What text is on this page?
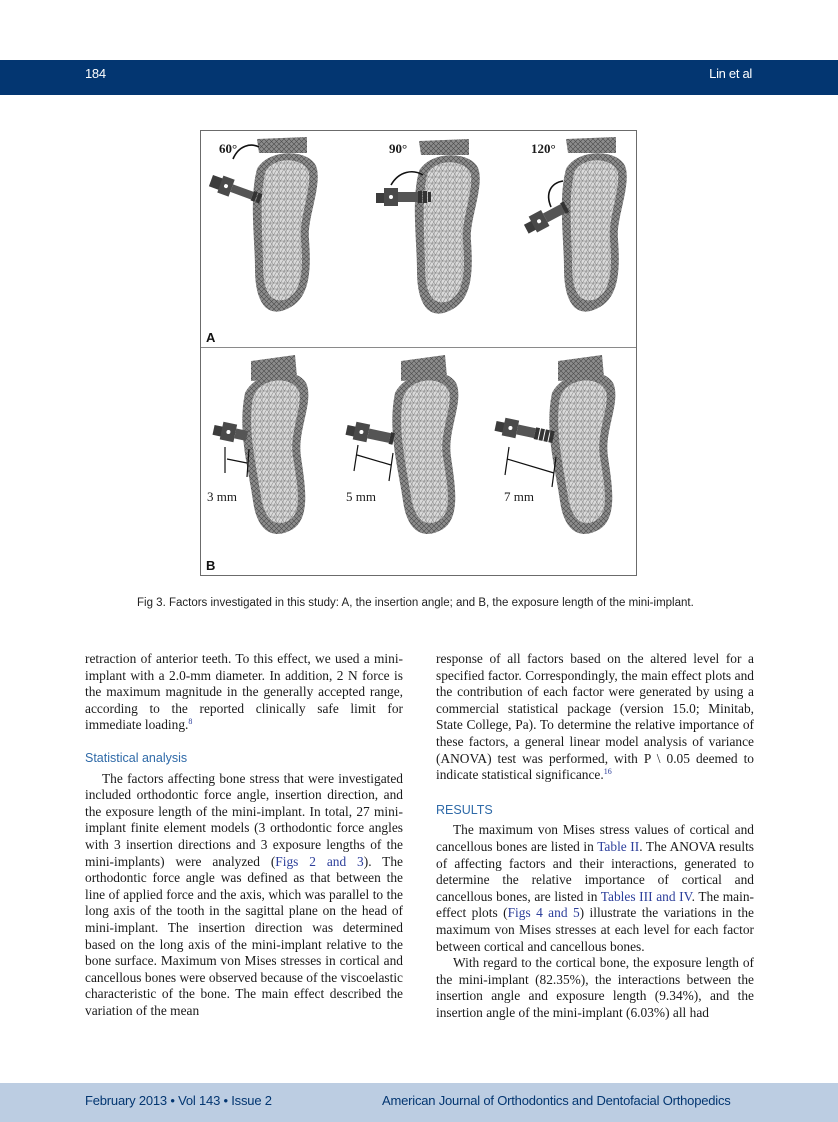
184	Lin et al
60°	90°	120°
A
3 mm	5 mm	7 mm
B
Fig 3. Factors investigated in this study: A, the insertion angle; and B, the exposure length of the mini-implant.

retraction of anterior teeth. To this effect, we used a mini-implant with a 2.0-mm diameter. In addition, 2 N force is the maximum magnitude in the generally accepted range, according to the reported clinically safe limit for immediate loading.$^8$

Statistical analysis

The factors affecting bone stress that were investigated included orthodontic force angle, insertion direction, and the exposure length of the mini-implant. In total, 27 mini-implant finite element models (3 orthodontic force angles with 3 insertion directions and 3 exposure lengths of the mini-implants) were analyzed (Figs 2 and 3). The orthodontic force angle was defined as that between the line of applied force and the axis, which was parallel to the long axis of the tooth in the sagittal plane on the head of mini-implant. The insertion direction was determined based on the long axis of the mini-implant relative to the bone surface. Maximum von Mises stresses in cortical and cancellous bones were observed because of the viscoelastic characteristic of the bone. The main effect described the variation of the mean

response of all factors based on the altered level for a specified factor. Correspondingly, the main effect plots and the contribution of each factor were generated by using a commercial statistical package (version 15.0; Minitab, State College, Pa). To determine the relative importance of these factors, a general linear model analysis of variance (ANOVA) test was performed, with P \ 0.05 deemed to indicate statistical significance.$^{16}$

RESULTS

The maximum von Mises stress values of cortical and cancellous bones are listed in Table II. The ANOVA results of affecting factors and their interactions, generated to determine the relative importance of cortical and cancellous bones, are listed in Tables III and IV. The main-effect plots (Figs 4 and 5) illustrate the variations in the maximum von Mises stresses at each level for each factor between cortical and cancellous bones.

With regard to the cortical bone, the exposure length of the mini-implant (82.35%), the interactions between the insertion angle and exposure length (9.34%), and the insertion angle of the mini-implant (6.03%) all had

February 2013 • Vol 143 • Issue 2	American Journal of Orthodontics and Dentofacial Orthopedics
